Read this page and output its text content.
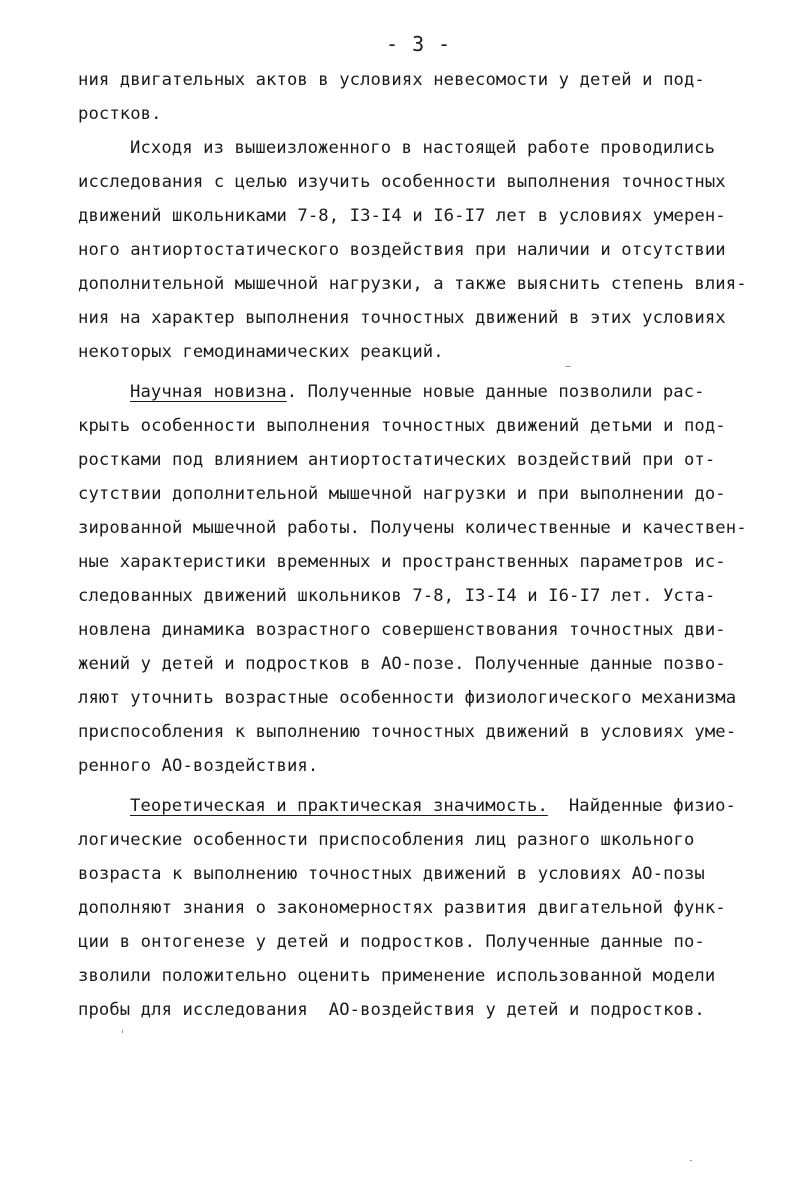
- 3 -
ния двигательных актов в условиях невесомости у детей и под-
ростков.
Исходя из вышеизложенного в настоящей работе проводились
исследования с целью изучить особенности выполнения точностных
движений школьниками 7-8, I3-I4 и I6-I7 лет в условиях умерен-
ного антиортостатического воздействия при наличии и отсутствии
дополнительной мышечной нагрузки, а также выяснить степень влия-
ния на характер выполнения точностных движений в этих условиях
некоторых гемодинамических реакций.
Научная новизна. Полученные новые данные позволили рас-
крыть особенности выполнения точностных движений детьми и под-
ростками под влиянием антиортостатических воздействий при от-
сутствии дополнительной мышечной нагрузки и при выполнении до-
зированной мышечной работы. Получены количественные и качествен-
ные характеристики временных и пространственных параметров ис-
следованных движений школьников 7-8, I3-I4 и I6-I7 лет. Уста-
новлена динамика возрастного совершенствования точностных дви-
жений у детей и подростков в АО-позе. Полученные данные позво-
ляют уточнить возрастные особенности физиологического механизма
приспособления к выполнению точностных движений в условиях уме-
ренного АО-воздействия.
Теоретическая и практическая значимость.  Найденные физио-
логические особенности приспособления лиц разного школьного
возраста к выполнению точностных движений в условиях АО-позы
дополняют знания о закономерностях развития двигательной функ-
ции в онтогенезе у детей и подростков. Полученные данные по-
зволили положительно оценить применение использованной модели
пробы для исследования  АО-воздействия у детей и подростков.
